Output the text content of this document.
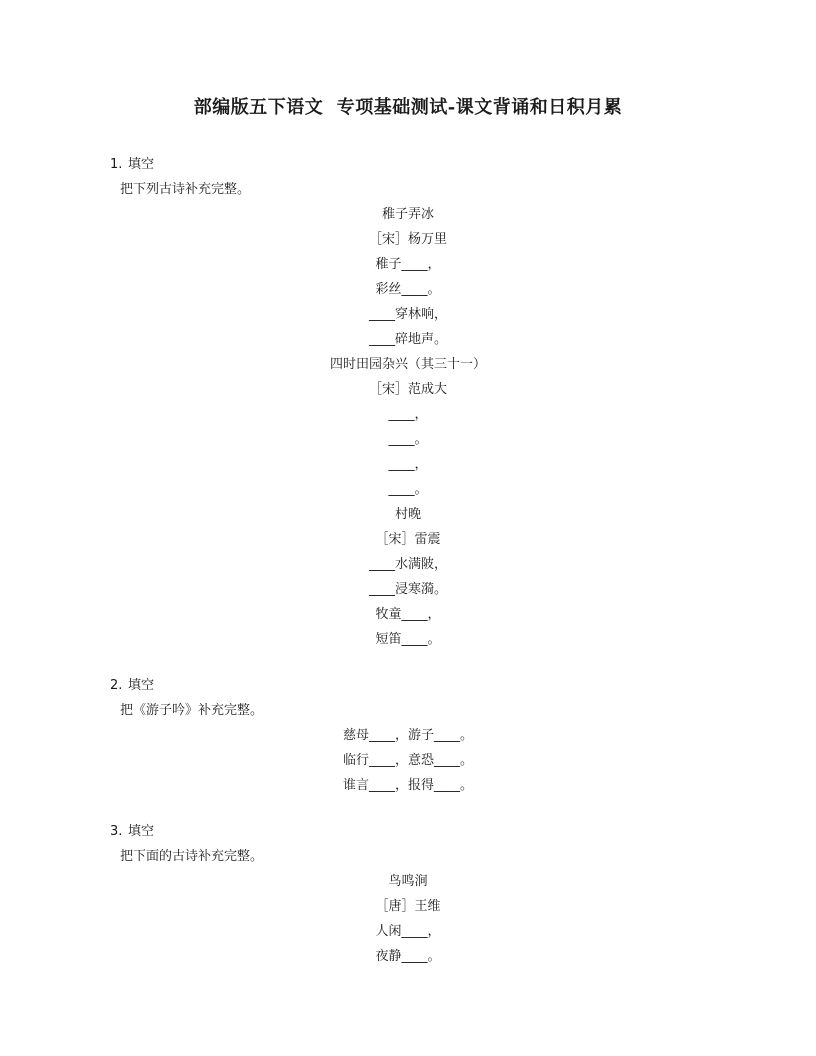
部编版五下语文  专项基础测试-课文背诵和日积月累
1. 填空
把下列古诗补充完整。
稚子弄冰
［宋］杨万里
稚子____，
彩丝____。
____穿林响，
____碎地声。
四时田园杂兴（其三十一）
［宋］范成大
____，
____。
____，
____。
村晚
［宋］雷震
____水满陂，
____浸寒漪。
牧童____，
短笛____。
2. 填空
把《游子吟》补充完整。
慈母____，游子____。
临行____，意恐____。
谁言____，报得____。
3. 填空
把下面的古诗补充完整。
鸟鸣涧
［唐］王维
人闲____，
夜静____。
